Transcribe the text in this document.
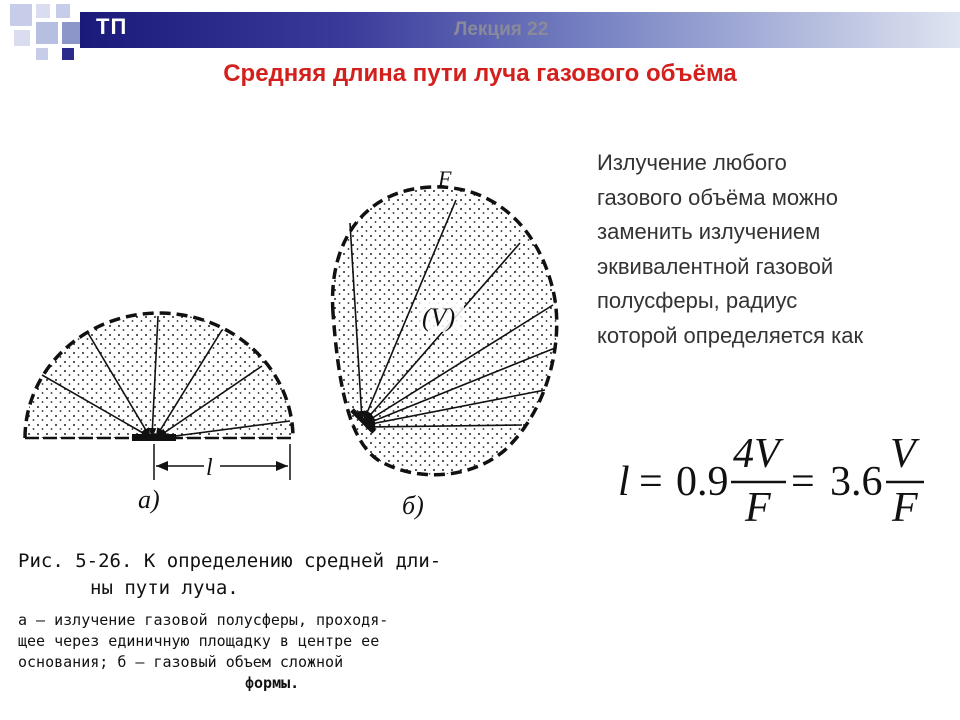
ТП	Лекция 22
Средняя длина пути луча газового объёма
Излучение любого
газового объёма можно
заменить излучением
эквивалентной газовой
полусферы, радиус
которой определяется как
l
а)
(V)
F
б)
Рис. 5-26. К определению средней дли-
ны пути луча.
а — излучение газовой полусферы, проходя-
щее через единичную площадку в центре ее
основания; б — газовый объем сложной
формы.
l = 0.9
4V
F
= 3.6
V
F
